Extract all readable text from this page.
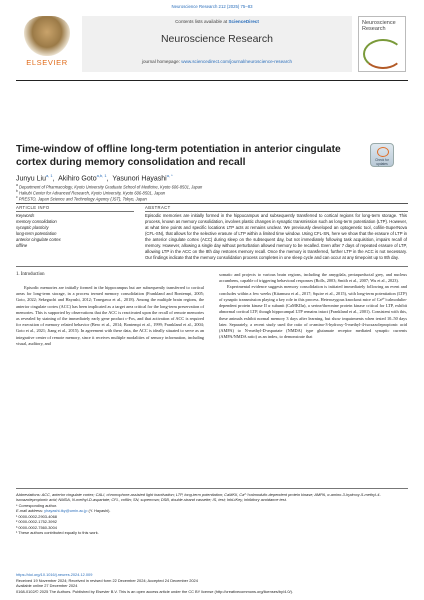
Neuroscience Research 212 (2025) 75–83
ELSEVIER
Contents lists available at ScienceDirect
Neuroscience Research
journal homepage: www.sciencedirect.com/journal/neuroscience-research
Neuroscience Research
Time-window of offline long-term potentiation in anterior cingulate cortex during memory consolidation and recall	Check for updates
Junyu Liu$^{a, 1}$,  Akihiro Goto$^{a,b, 1}$,  Yasunori Hayashi$^{a, *}$
$^a$ Department of Pharmacology, Kyoto University Graduate School of Medicine, Kyoto 606-8501, Japan
$^b$ Hakubi Center for Advanced Research, Kyoto University, Kyoto 606-8501, Japan
$^c$ PRESTO, Japan Science and Technology Agency (JST), Tokyo, Japan
ARTICLE INFO	ABSTRACT
Keywords
memory consolidation
synaptic plasticity
long-term potentiation
anterior cingulate cortex
offline
Episodic memories are initially formed in the hippocampus and subsequently transferred to cortical regions for long-term storage. This process, known as memory consolidation, involves plastic changes in synaptic transmission such as long-term potentiation (LTP). However, at what time points and specific locations LTP acts at remains unclear. We previously developed an optogenetic tool, cofilin-SuperNova (CFL-SN), that allows for the selective erasure of LTP within a limited time window. Using CFL-SN, here we show that the erasure of LTP in the anterior cingulate cortex (ACC) during sleep on the subsequent day, but not immediately following task acquisition, impairs recall of memory. However, allowing a single day without perturbation allowed memory to be recalled. Even after 7 days of repeated erasure of LTP, allowing LTP in the ACC on the 8th day restores memory recall. Once the memory is transferred, further LTP in the ACC is not necessary. Our findings indicate that the memory consolidation process completes in one sleep cycle and can occur at any timepoint up to 8th day.
1. Introduction

Episodic memories are initially formed in the hippocampus but are subsequently transferred to cortical areas for long-term storage, in a process termed memory consolidation (Frankland and Bontempi, 2005; Goto, 2022; Sekeguchi and Hayashi, 2012; Tonegawa et al., 2018). Among the multiple brain regions, the anterior cingulate cortex (ACC) has been implicated as a target area critical for the long-term preservation of memories. This is supported by observations that the ACC is reactivated upon the recall of remote memories as revealed by staining of the immediately early gene product c-Fos, and that activation of ACC is required for execution of memory related behavior (Bero et al., 2014; Bontempi et al., 1999; Frankland et al., 2004; Goto et al., 2021; Jiang et al., 2015). In agreement with these data, the ACC is ideally situated to serve as an integrative center of remote memory, since it receives multiple modalities of sensory information, including visual, auditory, and

somatic and projects to various brain regions, including the amygdala, periaqueductal grey, and nucleus accumbens, capable of triggering behavioral responses (Bolls, 2003; Smith et al., 2007; Wu et al., 2023).

Experimental evidence suggests memory consolidation is initiated immediately following an event and concludes within a few weeks (Kitamura et al., 2017; Squire et al., 2015), with long-term potentiation (LTP) of synaptic transmission playing a key role in this process. Heterozygous knockout mice of Ca²⁺/calmodulin-dependent protein kinase II α subunit (CaMKIIα), a serine/threonine protein kinase critical for LTP, exhibit abnormal cortical LTP, though hippocampal LTP remains intact (Frankland et al., 2001). Consistent with this, these animals exhibit normal memory 3 days after learning, but show impairments when tested 10–50 days later. Separately, a recent study used the ratio of α-amino-3-hydroxy-5-methyl-4-isoxazolepropionic acid (AMPA) to N-methyl-D-aspartate (NMDA) type glutamate receptor mediated synaptic currents (AMPA/NMDA ratio) as an index, to demonstrate that

Abbreviations: ACC, anterior cingulate cortex; CALI, chromophore-assisted light inactivation; LTP, long-term potentiation; CaMKII, Ca²⁺/calmodulin-dependent protein kinase; AMPA, α-amino-3-hydroxy-5-methyl-4-isoxazolepropionic acid; NMDA, N-methyl-D-aspartate; CFL, cofilin; SN, supernova; DSB, double-strand cassette; IS, test; InhLtKey, inhibitory avoidance test.
* Corresponding author.
E-mail address: yhayashi-tky@umin.ac.jp (Y. Hayashi).
¹ 0000-0002-2903-4068
² 0000-0002-1752-3992
³ 0000-0002-7560-3004
¹ These authors contributed equally to this work.
https://doi.org/10.1016/j.neures.2024.12.009
Received 19 November 2024; Received in revised form 22 December 2024; Accepted 24 December 2024
Available online 27 December 2024
0168-0102/© 2025 The Authors. Published by Elsevier B.V. This is an open access article under the CC BY license (http://creativecommons.org/licenses/by/4.0/).
